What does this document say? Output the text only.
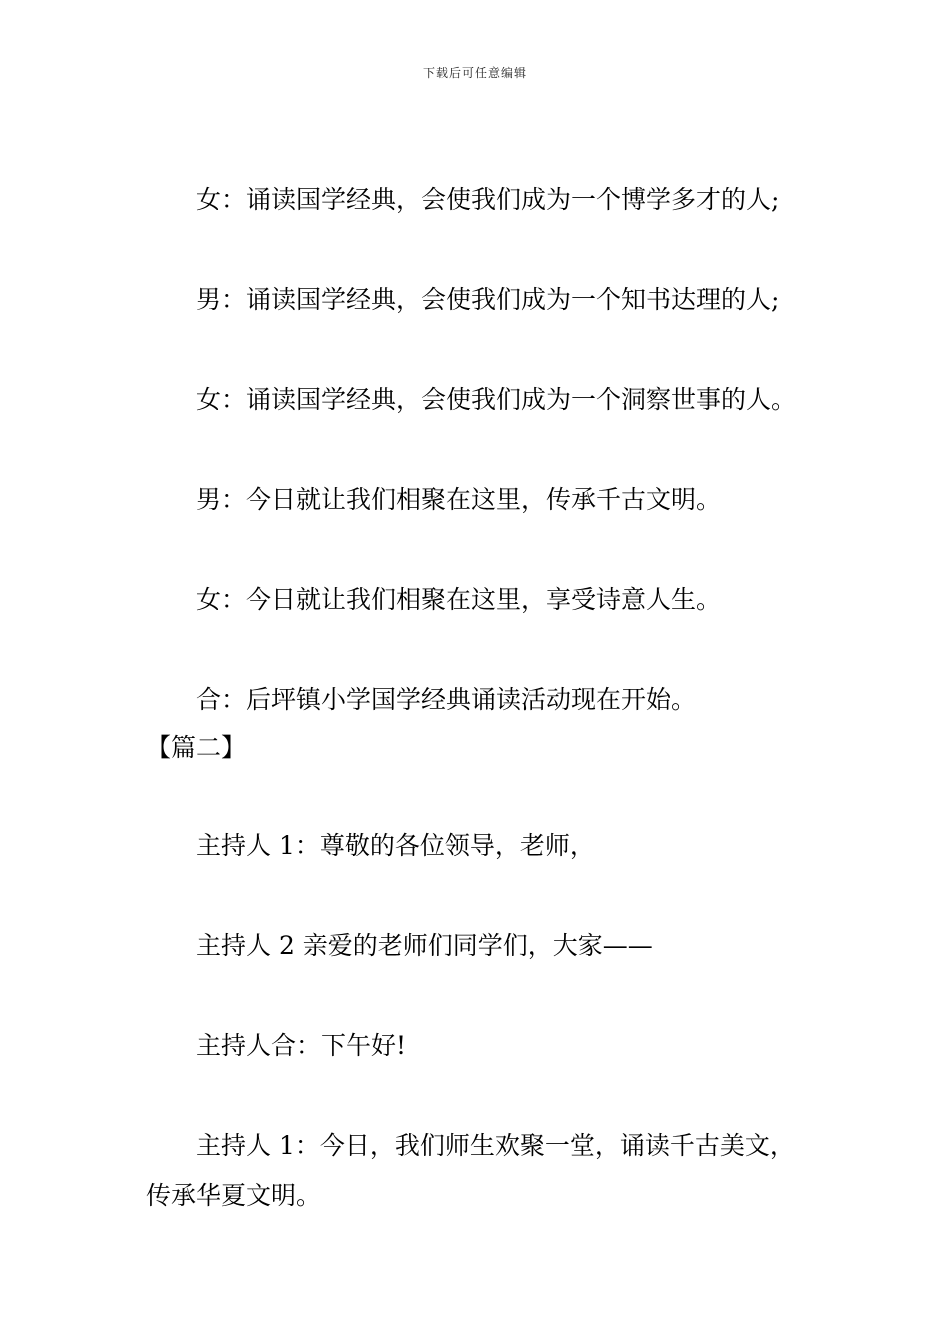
下载后可任意编辑
女：诵读国学经典，会使我们成为一个博学多才的人;
男：诵读国学经典，会使我们成为一个知书达理的人;
女：诵读国学经典，会使我们成为一个洞察世事的人。
男：今日就让我们相聚在这里，传承千古文明。
女：今日就让我们相聚在这里，享受诗意人生。
合：后坪镇小学国学经典诵读活动现在开始。
【篇二】
主持人 1：尊敬的各位领导，老师，
主持人 2 亲爱的老师们同学们，大家——
主持人合：下午好!
主持人 1：今日，我们师生欢聚一堂，诵读千古美文，
传承华夏文明。
